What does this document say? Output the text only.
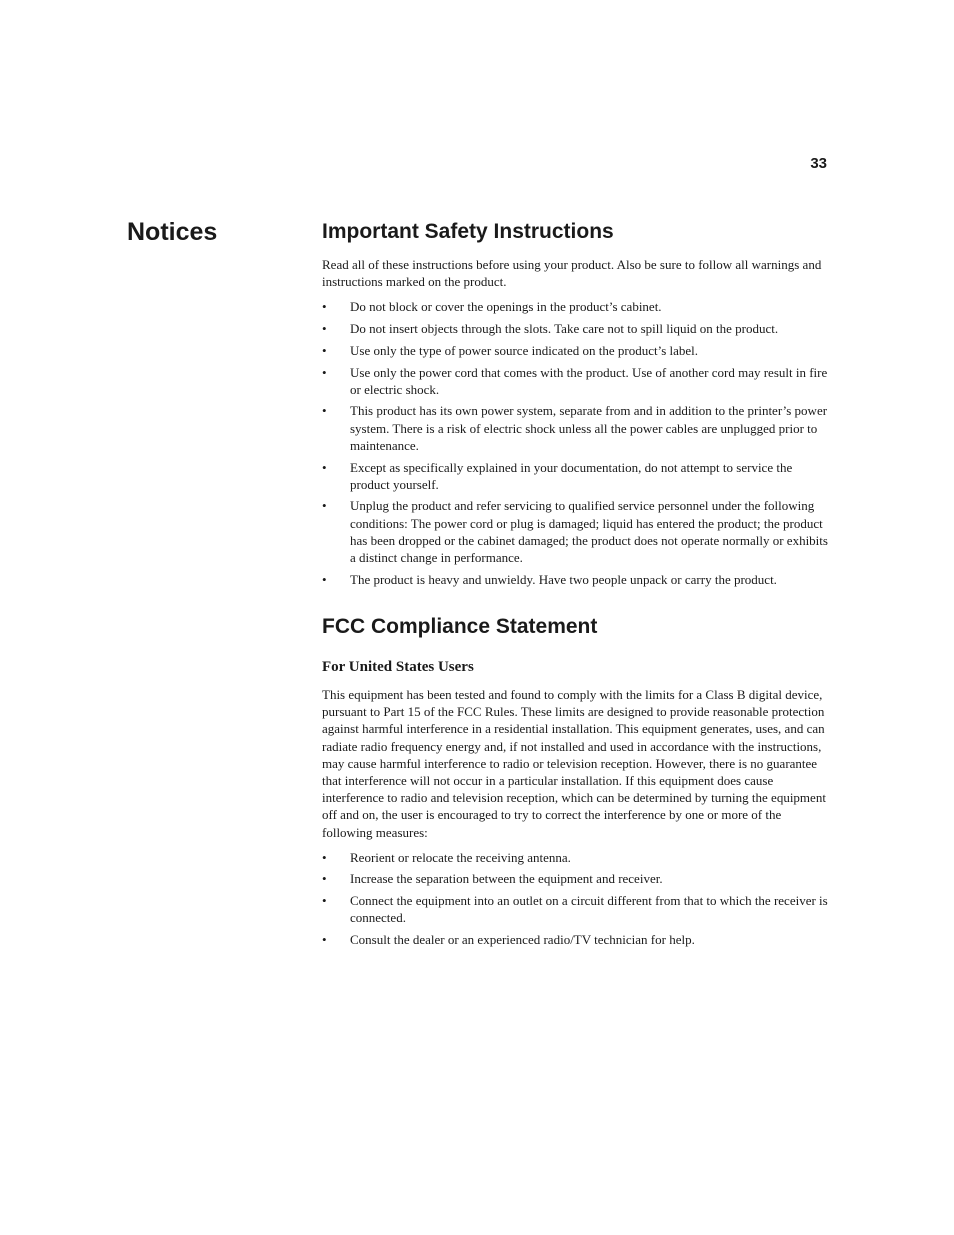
33
Notices	Important Safety Instructions

Read all of these instructions before using your product. Also be sure to follow all warnings and instructions marked on the product.

• Do not block or cover the openings in the product’s cabinet.
• Do not insert objects through the slots. Take care not to spill liquid on the product.
• Use only the type of power source indicated on the product’s label.
• Use only the power cord that comes with the product. Use of another cord may result in fire or electric shock.
• This product has its own power system, separate from and in addition to the printer’s power system. There is a risk of electric shock unless all the power cables are unplugged prior to maintenance.
• Except as specifically explained in your documentation, do not attempt to service the product yourself.
• Unplug the product and refer servicing to qualified service personnel under the following conditions: The power cord or plug is damaged; liquid has entered the product; the product has been dropped or the cabinet damaged; the product does not operate normally or exhibits a distinct change in performance.
• The product is heavy and unwieldy. Have two people unpack or carry the product.
FCC Compliance Statement
For United States Users

This equipment has been tested and found to comply with the limits for a Class B digital device, pursuant to Part 15 of the FCC Rules. These limits are designed to provide reasonable protection against harmful interference in a residential installation. This equipment generates, uses, and can radiate radio frequency energy and, if not installed and used in accordance with the instructions, may cause harmful interference to radio or television reception. However, there is no guarantee that interference will not occur in a particular installation. If this equipment does cause interference to radio and television reception, which can be determined by turning the equipment off and on, the user is encouraged to try to correct the interference by one or more of the following measures:

• Reorient or relocate the receiving antenna.
• Increase the separation between the equipment and receiver.
• Connect the equipment into an outlet on a circuit different from that to which the receiver is connected.
• Consult the dealer or an experienced radio/TV technician for help.
